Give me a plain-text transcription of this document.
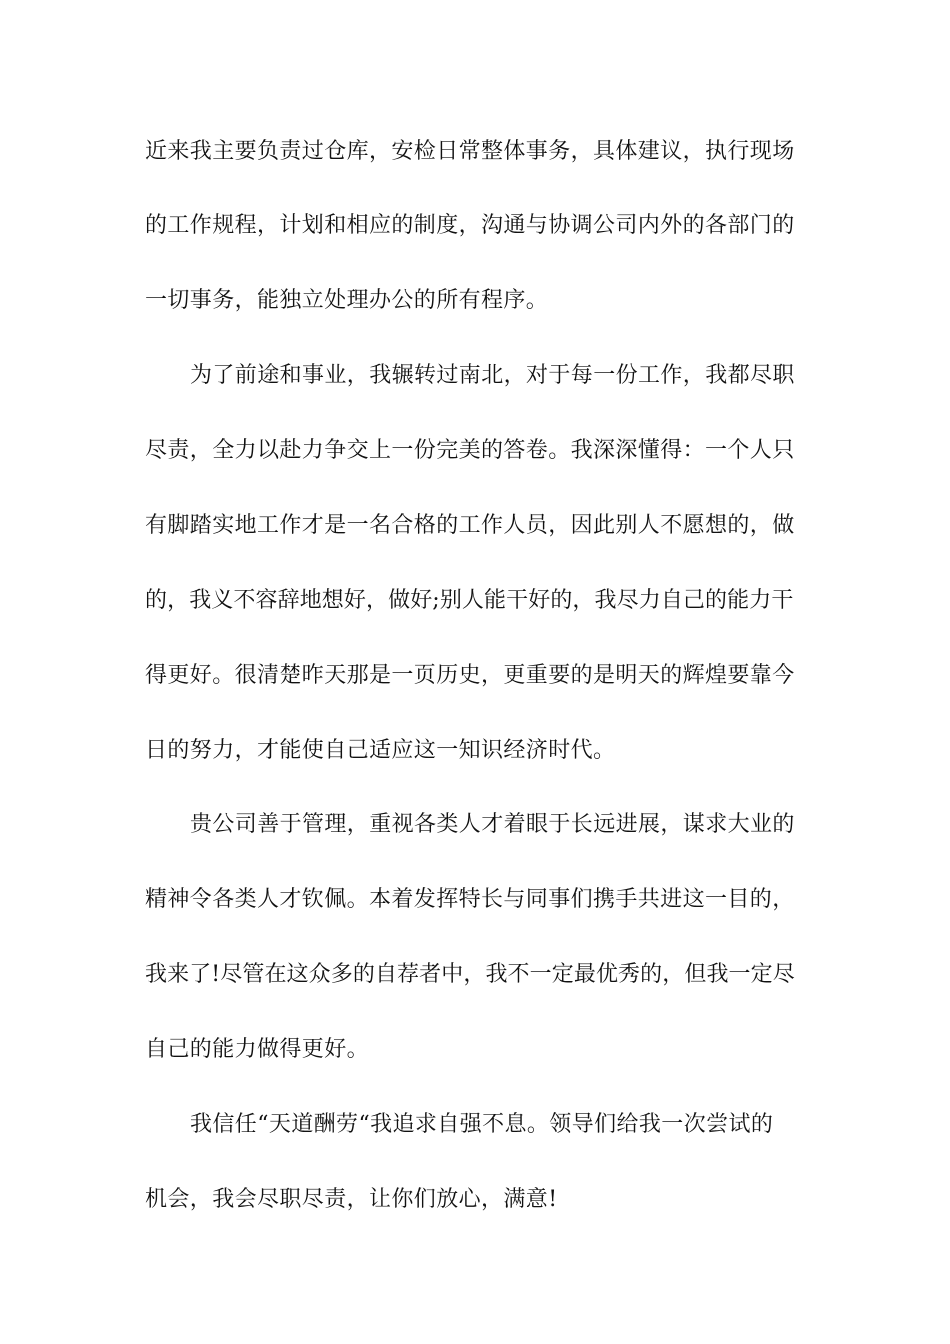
近来我主要负责过仓库，安检日常整体事务，具体建议，执行现场

的工作规程，计划和相应的制度，沟通与协调公司内外的各部门的

一切事务，能独立处理办公的所有程序。

为了前途和事业，我辗转过南北，对于每一份工作，我都尽职

尽责，全力以赴力争交上一份完美的答卷。我深深懂得：一个人只

有脚踏实地工作才是一名合格的工作人员，因此别人不愿想的，做

的，我义不容辞地想好，做好;别人能干好的，我尽力自己的能力干

得更好。很清楚昨天那是一页历史，更重要的是明天的辉煌要靠今

日的努力，才能使自己适应这一知识经济时代。

贵公司善于管理，重视各类人才着眼于长远进展，谋求大业的

精神令各类人才钦佩。本着发挥特长与同事们携手共进这一目的，

我来了!尽管在这众多的自荐者中，我不一定最优秀的，但我一定尽

自己的能力做得更好。

我信任“天道酬劳“我追求自强不息。领导们给我一次尝试的

机会，我会尽职尽责，让你们放心，满意!
